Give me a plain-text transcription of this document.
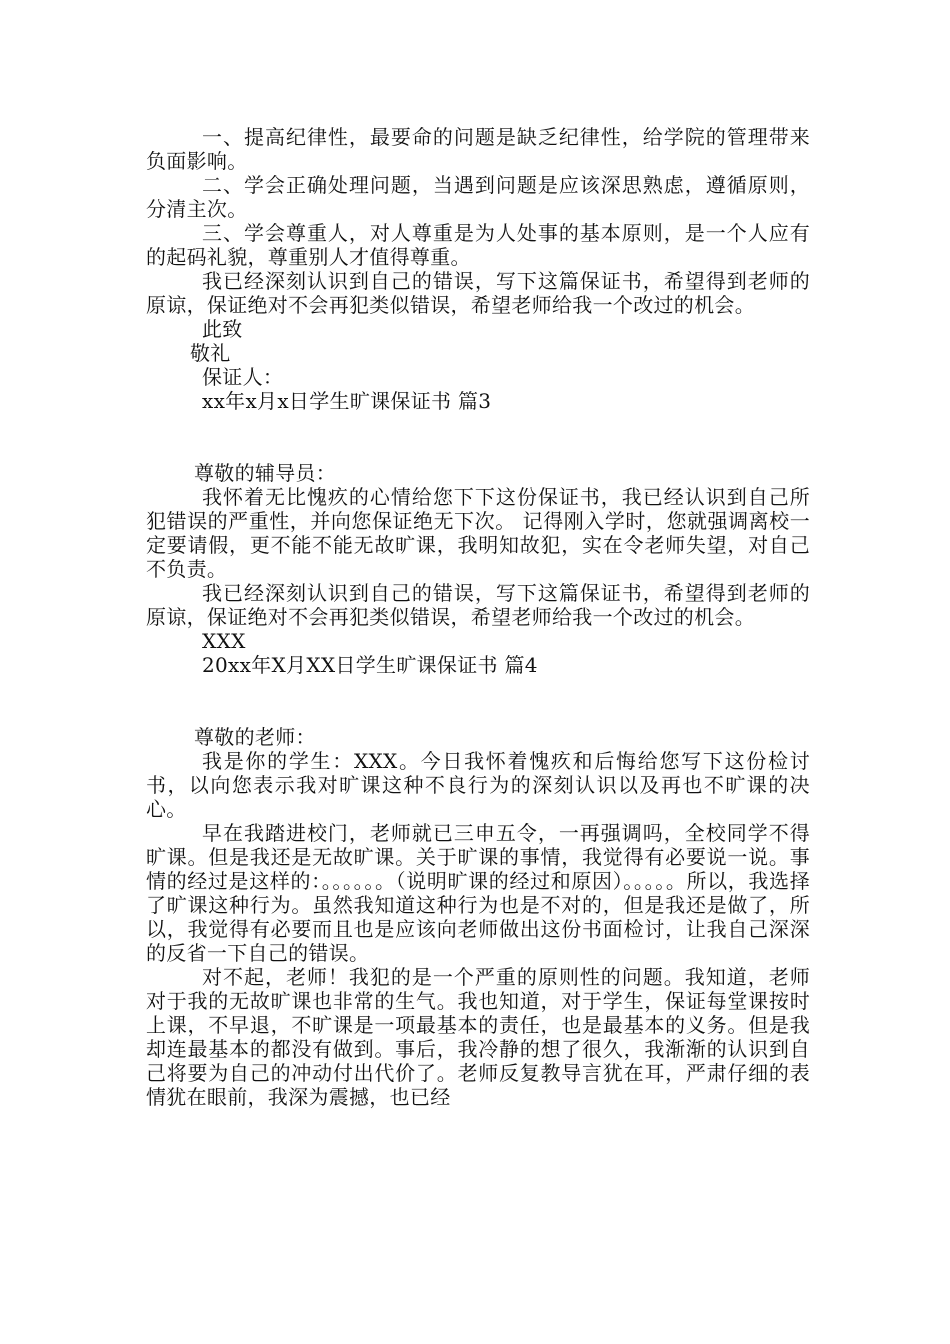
一、提高纪律性，最要命的问题是缺乏纪律性，给学院的管理带来负面影响。

二、学会正确处理问题，当遇到问题是应该深思熟虑，遵循原则，分清主次。

三、学会尊重人，对人尊重是为人处事的基本原则，是一个人应有的起码礼貌，尊重别人才值得尊重。

我已经深刻认识到自己的错误，写下这篇保证书，希望得到老师的原谅，保证绝对不会再犯类似错误，希望老师给我一个改过的机会。

此致

敬礼

保证人：

xx年x月x日学生旷课保证书 篇3

尊敬的辅导员：

我怀着无比愧疚的心情给您下下这份保证书，我已经认识到自己所犯错误的严重性，并向您保证绝无下次。 记得刚入学时，您就强调离校一定要请假，更不能不能无故旷课，我明知故犯，实在令老师失望，对自己不负责。

我已经深刻认识到自己的错误，写下这篇保证书，希望得到老师的原谅，保证绝对不会再犯类似错误，希望老师给我一个改过的机会。

XXX

20xx年X月XX日学生旷课保证书 篇4

尊敬的老师：

我是你的学生：XXX。今日我怀着愧疚和后悔给您写下这份检讨书，以向您表示我对旷课这种不良行为的深刻认识以及再也不旷课的决心。

早在我踏进校门，老师就已三申五令，一再强调吗，全校同学不得旷课。但是我还是无故旷课。关于旷课的事情，我觉得有必要说一说。事情的经过是这样的：。。。。。。（说明旷课的经过和原因）。。。。。所以，我选择了旷课这种行为。虽然我知道这种行为也是不对的，但是我还是做了，所以，我觉得有必要而且也是应该向老师做出这份书面检讨，让我自己深深的反省一下自己的错误。

对不起，老师！我犯的是一个严重的原则性的问题。我知道，老师对于我的无故旷课也非常的生气。我也知道，对于学生，保证每堂课按时上课，不早退，不旷课是一项最基本的责任，也是最基本的义务。但是我却连最基本的都没有做到。事后，我冷静的想了很久，我渐渐的认识到自己将要为自己的冲动付出代价了。老师反复教导言犹在耳，严肃仔细的表情犹在眼前，我深为震撼，也已经
